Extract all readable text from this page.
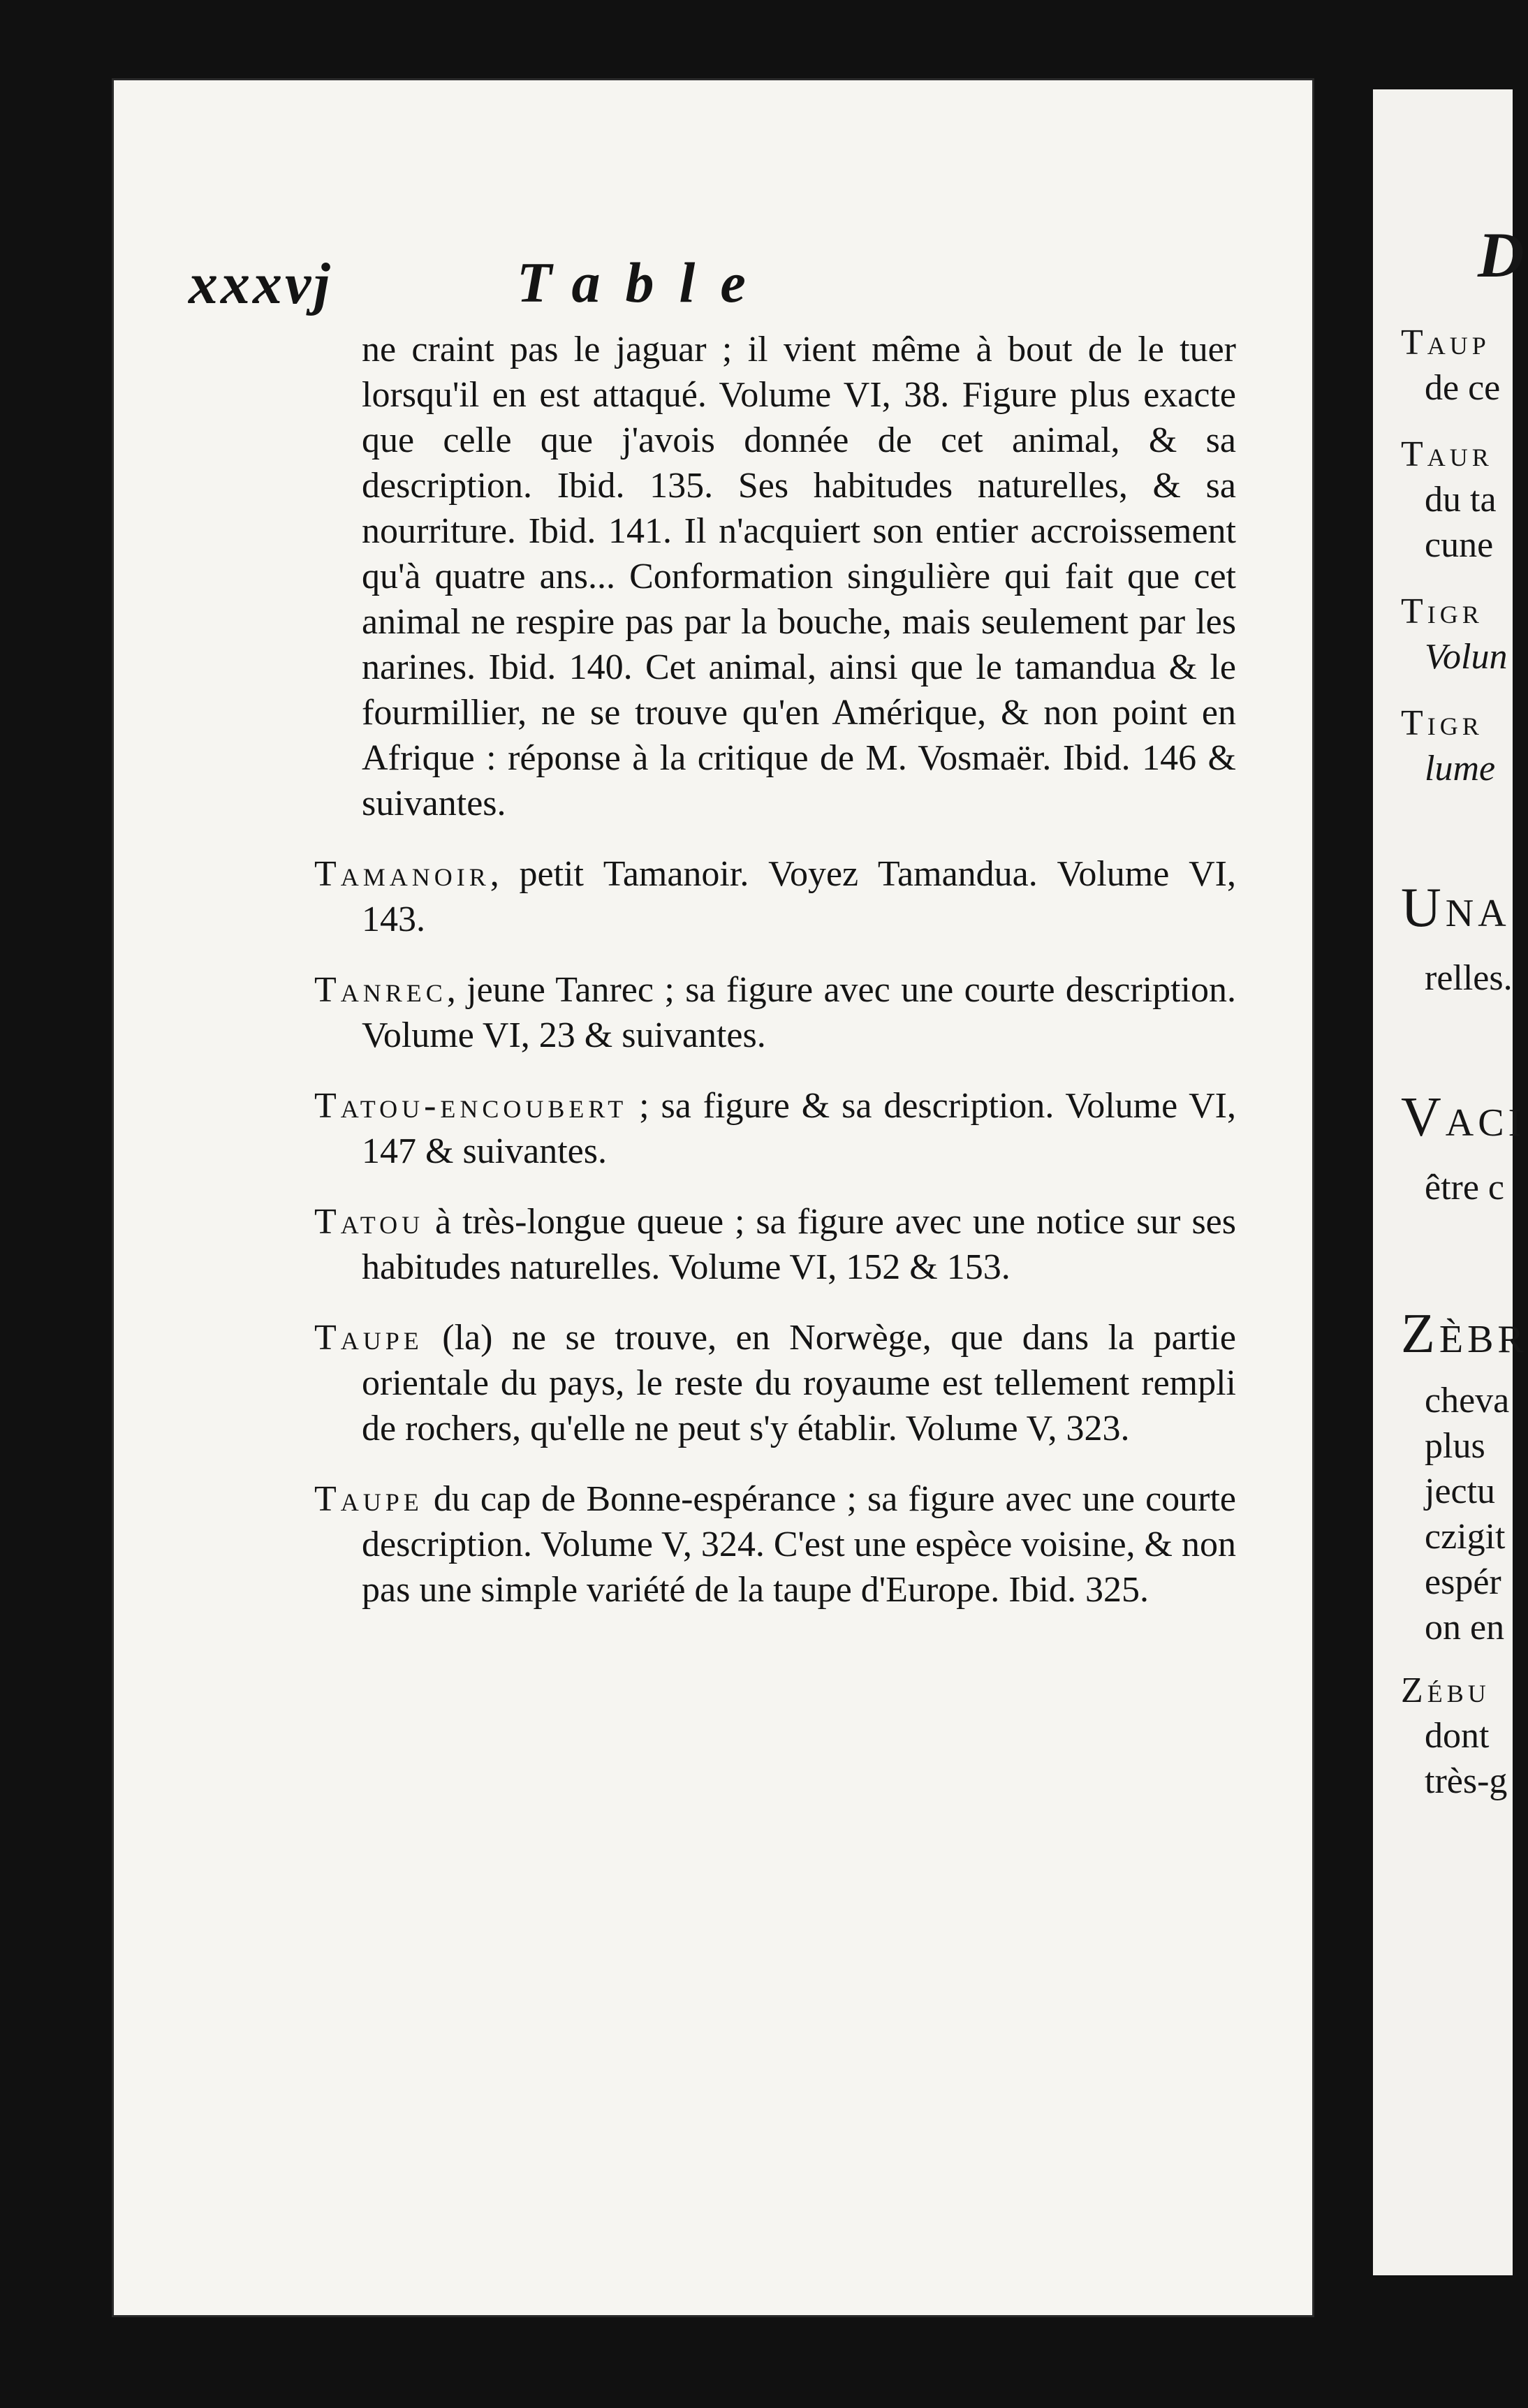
D
Taup
de ce
Taur
du ta
cune
Tigr
Volun
Tigr
lume
Una
relles.
Vaci
être c
Zèbr
cheva
plus
jectu
czigit
espér
on en
Zébu
dont
très-g
xxxvj	Table

ne craint pas le jaguar ; il vient même à bout de le tuer lorsqu'il en est attaqué. Volume VI, 38. Figure plus exacte que celle que j'avois donnée de cet animal, & sa description. Ibid. 135. Ses habitudes naturelles, & sa nourriture. Ibid. 141. Il n'acquiert son entier accroissement qu'à quatre ans... Conformation singulière qui fait que cet animal ne respire pas par la bouche, mais seulement par les narines. Ibid. 140. Cet animal, ainsi que le tamandua & le fourmillier, ne se trouve qu'en Amérique, & non point en Afrique : réponse à la critique de M. Vosmaër. Ibid. 146 & suivantes.

Tamanoir, petit Tamanoir. Voyez Tamandua. Volume VI, 143.

Tanrec, jeune Tanrec ; sa figure avec une courte description. Volume VI, 23 & suivantes.

Tatou-encoubert ; sa figure & sa description. Volume VI, 147 & suivantes.

Tatou à très-longue queue ; sa figure avec une notice sur ses habitudes naturelles. Volume VI, 152 & 153.

Taupe (la) ne se trouve, en Norwège, que dans la partie orientale du pays, le reste du royaume est tellement rempli de rochers, qu'elle ne peut s'y établir. Volume V, 323.

Taupe du cap de Bonne-espérance ; sa figure avec une courte description. Volume V, 324. C'est une espèce voisine, & non pas une simple variété de la taupe d'Europe. Ibid. 325.
